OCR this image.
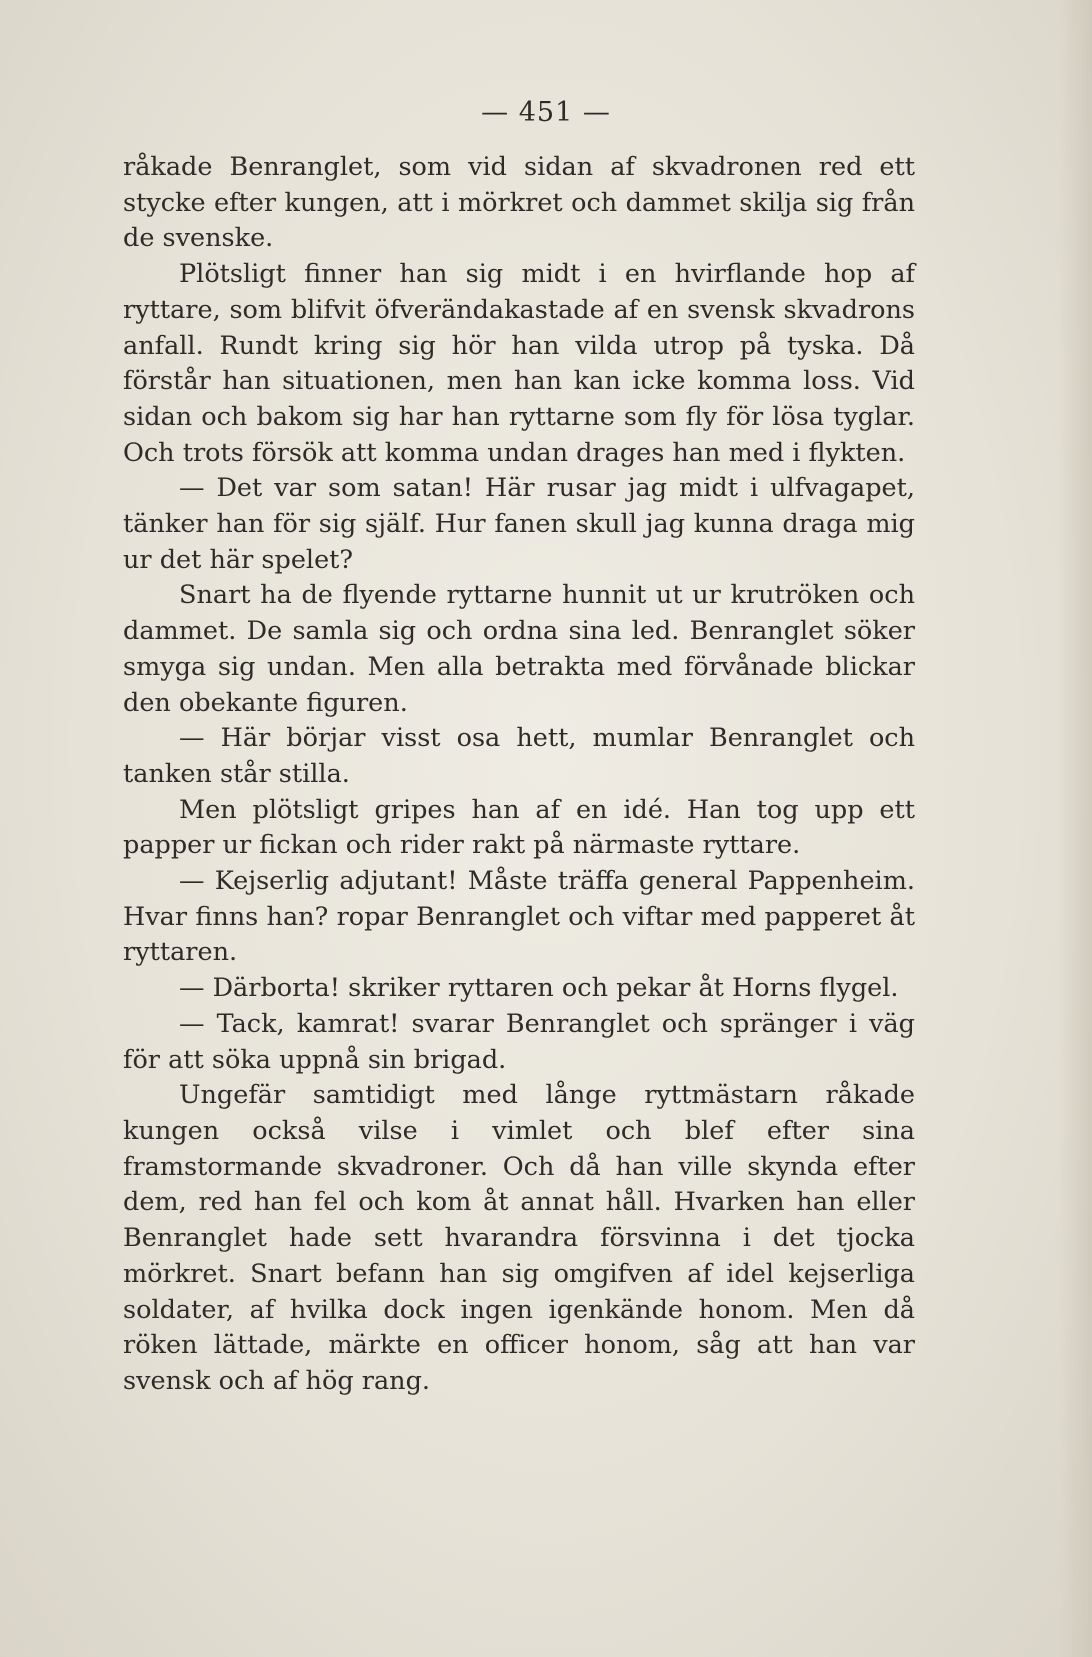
— 451 —

råkade Benranglet, som vid sidan af skvadronen red ett stycke efter kungen, att i mörkret och dammet skilja sig från de svenske.

Plötsligt finner han sig midt i en hvirflande hop af ryttare, som blifvit öfverändakastade af en svensk skvadrons anfall. Rundt kring sig hör han vilda utrop på tyska. Då förstår han situationen, men han kan icke komma loss. Vid sidan och bakom sig har han ryttarne som fly för lösa tyglar. Och trots försök att komma undan drages han med i flykten.

— Det var som satan! Här rusar jag midt i ulfvagapet, tänker han för sig själf. Hur fanen skull jag kunna draga mig ur det här spelet?

Snart ha de flyende ryttarne hunnit ut ur krutröken och dammet. De samla sig och ordna sina led. Benranglet söker smyga sig undan. Men alla betrakta med förvånade blickar den obekante figuren.

— Här börjar visst osa hett, mumlar Benranglet och tanken står stilla.

Men plötsligt gripes han af en idé. Han tog upp ett papper ur fickan och rider rakt på närmaste ryttare.

— Kejserlig adjutant! Måste träffa general Pappenheim. Hvar finns han? ropar Benranglet och viftar med papperet åt ryttaren.

— Därborta! skriker ryttaren och pekar åt Horns flygel.

— Tack, kamrat! svarar Benranglet och spränger i väg för att söka uppnå sin brigad.

Ungefär samtidigt med långe ryttmästarn råkade kungen också vilse i vimlet och blef efter sina framstormande skvadroner. Och då han ville skynda efter dem, red han fel och kom åt annat håll. Hvarken han eller Benranglet hade sett hvarandra försvinna i det tjocka mörkret. Snart befann han sig omgifven af idel kejserliga soldater, af hvilka dock ingen igenkände honom. Men då röken lättade, märkte en officer honom, såg att han var svensk och af hög rang.
